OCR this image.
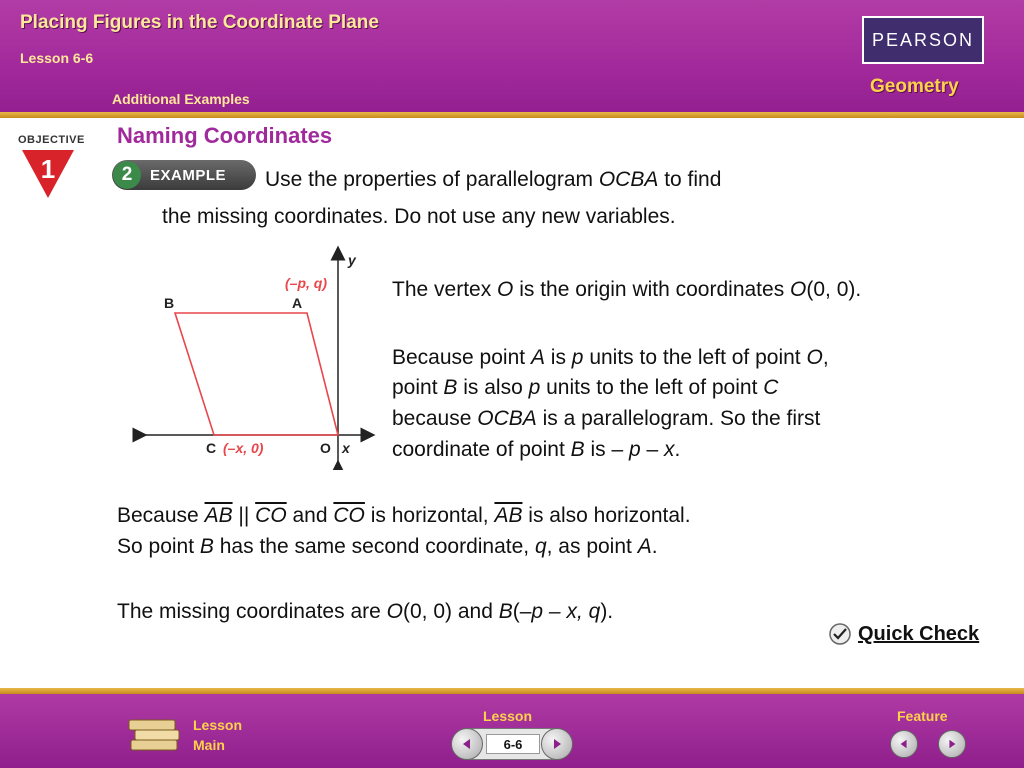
Placing Figures in the Coordinate Plane
Lesson 6-6
Additional Examples
PEARSON
Geometry
OBJECTIVE
1
Naming Coordinates
2	EXAMPLE Use the properties of parallelogram OCBA to find
the missing coordinates. Do not use any new variables.
y
x
B	A
(–p, q)
C (–x, 0)	O
The vertex O is the origin with coordinates O(0, 0).
Because point A is p units to the left of point O,
point B is also p units to the left of point C
because OCBA is a parallelogram. So the first
coordinate of point B is – p – x.
Because $\overline{AB}$ || $\overline{CO}$ and $\overline{CO}$ is horizontal, $\overline{AB}$ is also horizontal.
So point B has the same second coordinate, q, as point A.
The missing coordinates are O(0, 0) and B(–p – x, q).
Quick Check
Lesson
Main
Lesson
6-6
Feature
